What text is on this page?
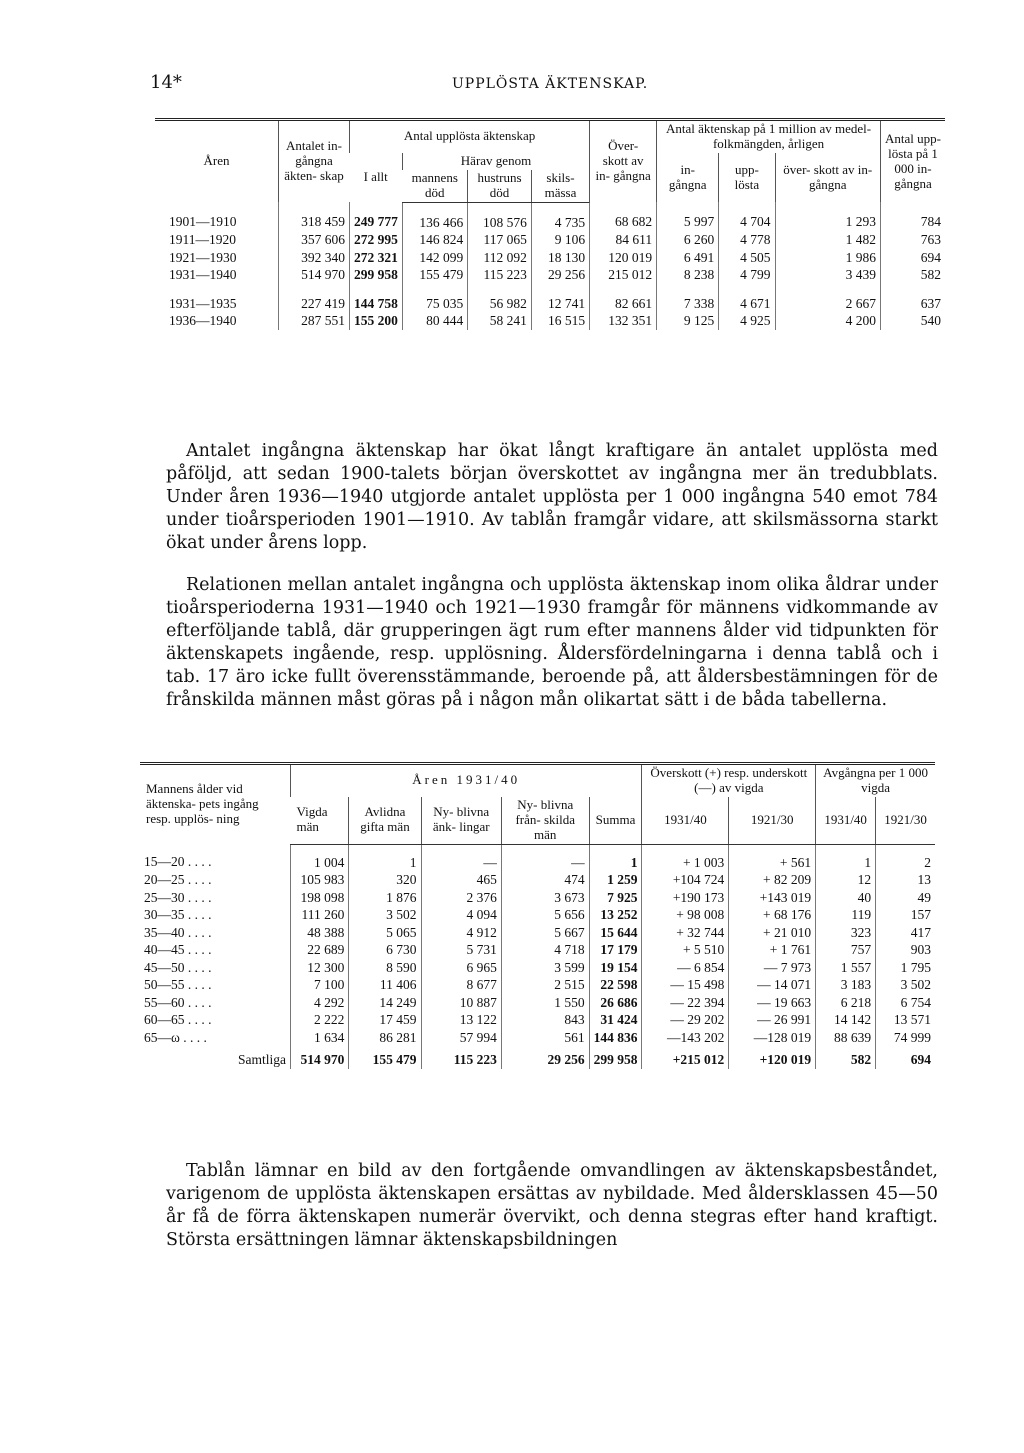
14*	UPPLÖSTA ÄKTENSKAP.
Åren	Antalet in- gångna äkten- skap	Antal upplösta äktenskap				Över- skott av in- gångna	Antal äktenskap på 1 million av medel- folkmängden, årligen			Antal upp- lösta på 1 000 in- gångna
		I allt	Härav genom				in- gångna	upp- lösta	över- skott av in- gångna	
			mannens död	hustruns död	skils- mässa					
1901—1910	318 459	249 777	136 466	108 576	4 735	68 682	5 997	4 704	1 293	784
1911—1920	357 606	272 995	146 824	117 065	9 106	84 611	6 260	4 778	1 482	763
1921—1930	392 340	272 321	142 099	112 092	18 130	120 019	6 491	4 505	1 986	694
1931—1940	514 970	299 958	155 479	115 223	29 256	215 012	8 238	4 799	3 439	582
1931—1935	227 419	144 758	75 035	56 982	12 741	82 661	7 338	4 671	2 667	637
1936—1940	287 551	155 200	80 444	58 241	16 515	132 351	9 125	4 925	4 200	540

Antalet ingångna äktenskap har ökat långt kraftigare än antalet upplösta med påföljd, att sedan 1900-talets början överskottet av ingångna mer än tredubblats. Under åren 1936—1940 utgjorde antalet upplösta per 1 000 ingångna 540 emot 784 under tioårsperioden 1901—1910. Av tablån framgår vidare, att skilsmässorna starkt ökat under årens lopp.

Relationen mellan antalet ingångna och upplösta äktenskap inom olika åldrar under tioårsperioderna 1931—1940 och 1921—1930 framgår för männens vidkommande av efterföljande tablå, där grupperingen ägt rum efter mannens ålder vid tidpunkten för äktenskapets ingående, resp. upplösning. Åldersfördelningarna i denna tablå och i tab. 17 äro icke fullt överensstämmande, beroende på, att åldersbestämningen för de frånskilda männen måst göras på i någon mån olikartat sätt i de båda tabellerna.

Mannens ålder vid äktenska- pets ingång resp. upplös- ning	Åren 1931/40					Överskott (+) resp. underskott (—) av vigda		Avgångna per 1 000 vigda	
	Vigda män	Avlidna gifta män	Ny- blivna änk- lingar	Ny- blivna från- skilda män	Summa	1931/40	1921/30	1931/40	1921/30
15—20 . . . .	1 004	1	—	—	1	+ 1 003	+ 561	1	2
20—25 . . . .	105 983	320	465	474	1 259	+104 724	+ 82 209	12	13
25—30 . . . .	198 098	1 876	2 376	3 673	7 925	+190 173	+143 019	40	49
30—35 . . . .	111 260	3 502	4 094	5 656	13 252	+ 98 008	+ 68 176	119	157
35—40 . . . .	48 388	5 065	4 912	5 667	15 644	+ 32 744	+ 21 010	323	417
40—45 . . . .	22 689	6 730	5 731	4 718	17 179	+ 5 510	+ 1 761	757	903
45—50 . . . .	12 300	8 590	6 965	3 599	19 154	— 6 854	— 7 973	1 557	1 795
50—55 . . . .	7 100	11 406	8 677	2 515	22 598	— 15 498	— 14 071	3 183	3 502
55—60 . . . .	4 292	14 249	10 887	1 550	26 686	— 22 394	— 19 663	6 218	6 754
60—65 . . . .	2 222	17 459	13 122	843	31 424	— 29 202	— 26 991	14 142	13 571
65—ω . . . .	1 634	86 281	57 994	561	144 836	—143 202	—128 019	88 639	74 999
Samtliga	514 970	155 479	115 223	29 256	299 958	+215 012	+120 019	582	694

Tablån lämnar en bild av den fortgående omvandlingen av äktenskapsbeståndet, varigenom de upplösta äktenskapen ersättas av nybildade. Med åldersklassen 45—50 år få de förra äktenskapen numerär övervikt, och denna stegras efter hand kraftigt. Största ersättningen lämnar äktenskapsbildningen
